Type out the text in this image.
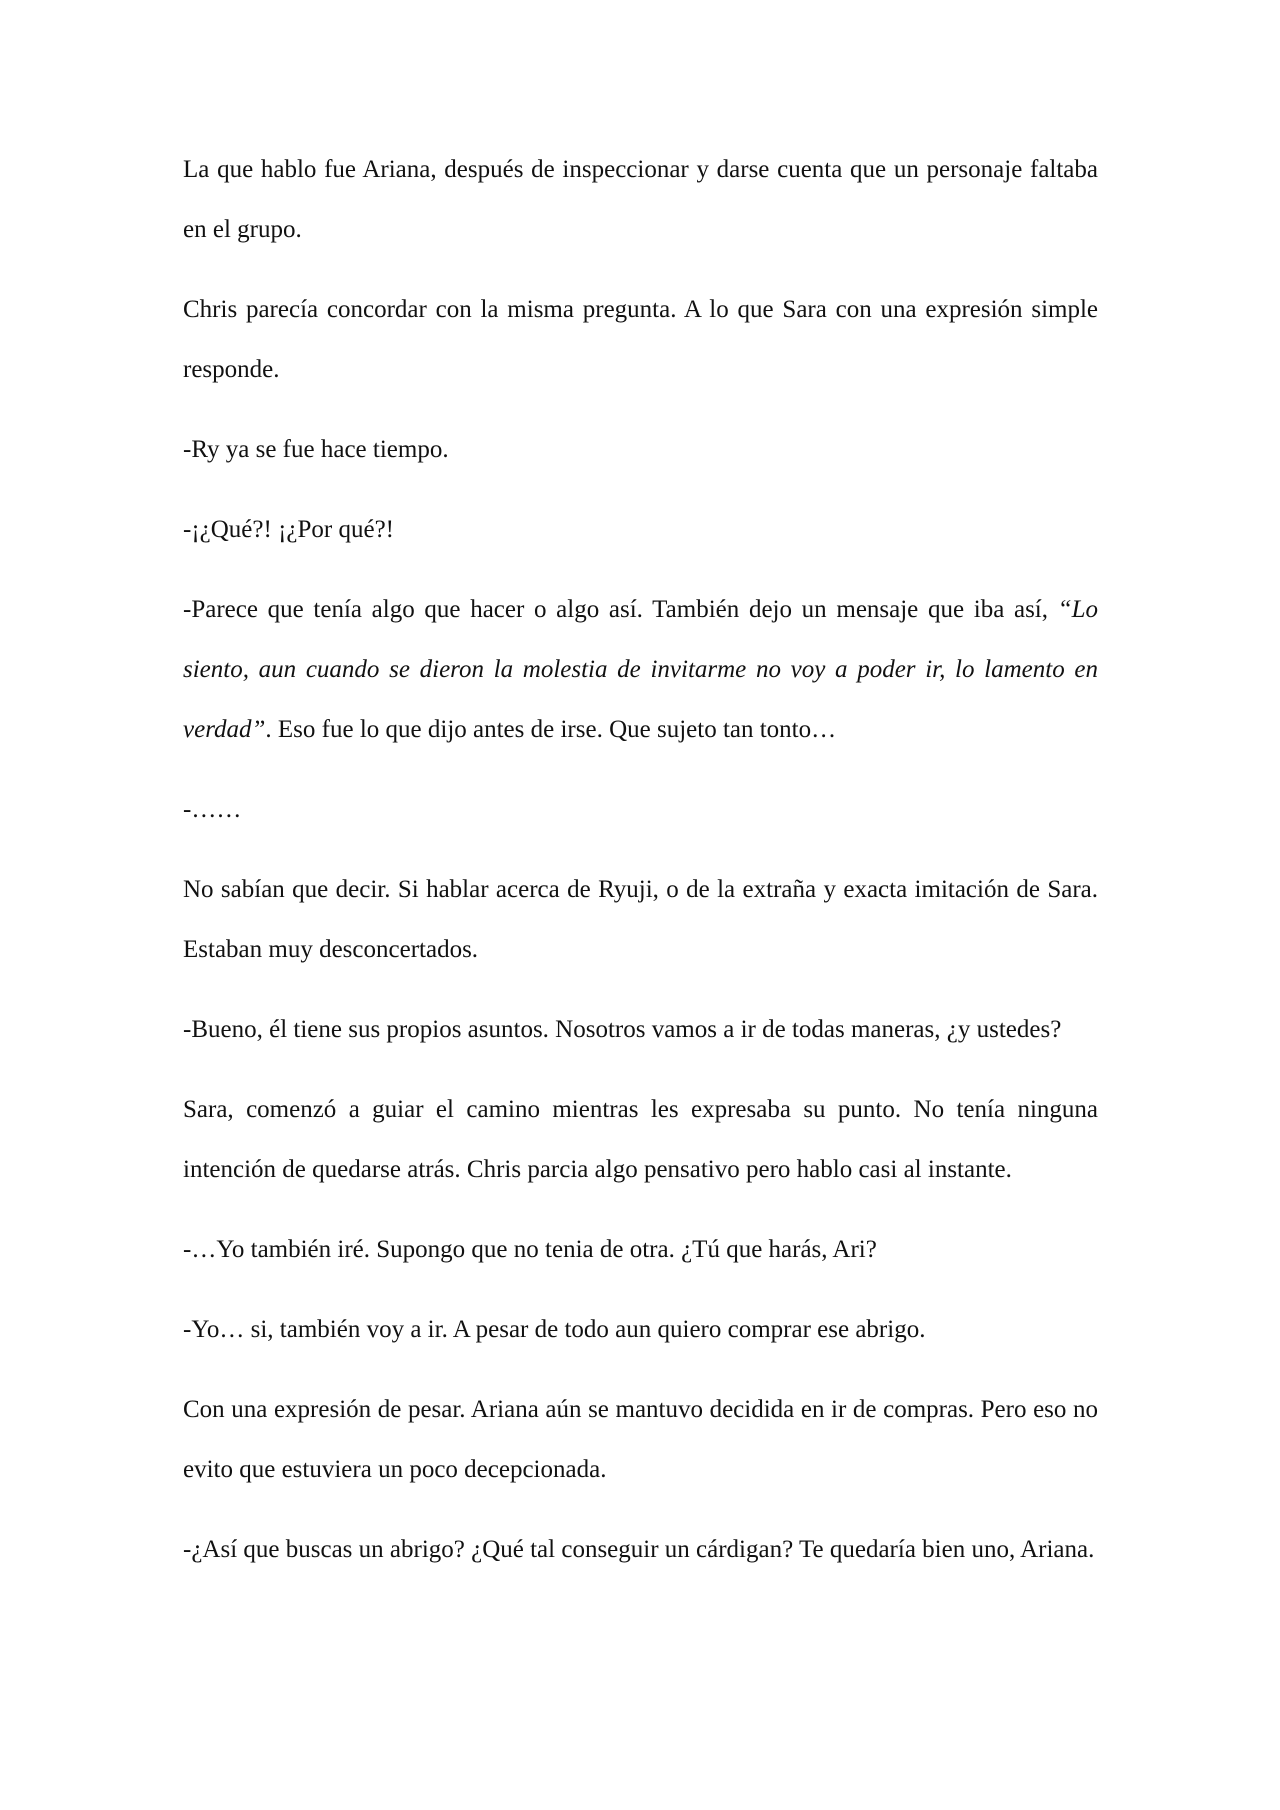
La que hablo fue Ariana, después de inspeccionar y darse cuenta que un personaje faltaba en el grupo.

Chris parecía concordar con la misma pregunta. A lo que Sara con una expresión simple responde.

-Ry ya se fue hace tiempo.

-¡¿Qué?! ¡¿Por qué?!

-Parece que tenía algo que hacer o algo así. También dejo un mensaje que iba así, “Lo siento, aun cuando se dieron la molestia de invitarme no voy a poder ir, lo lamento en verdad”. Eso fue lo que dijo antes de irse. Que sujeto tan tonto…

-……

No sabían que decir. Si hablar acerca de Ryuji, o de la extraña y exacta imitación de Sara. Estaban muy desconcertados.

-Bueno, él tiene sus propios asuntos. Nosotros vamos a ir de todas maneras, ¿y ustedes?

Sara, comenzó a guiar el camino mientras les expresaba su punto. No tenía ninguna intención de quedarse atrás. Chris parcia algo pensativo pero hablo casi al instante.

-…Yo también iré. Supongo que no tenia de otra. ¿Tú que harás, Ari?

-Yo… si, también voy a ir. A pesar de todo aun quiero comprar ese abrigo.

Con una expresión de pesar. Ariana aún se mantuvo decidida en ir de compras. Pero eso no evito que estuviera un poco decepcionada.

-¿Así que buscas un abrigo? ¿Qué tal conseguir un cárdigan? Te quedaría bien uno, Ariana.
